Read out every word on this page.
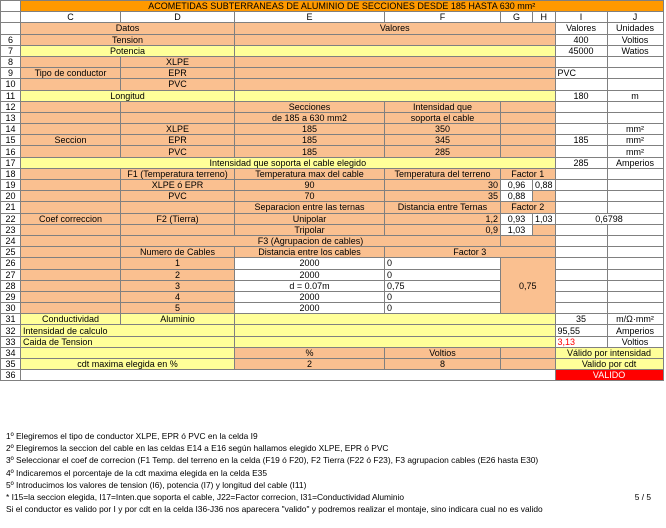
	ACOMETIDAS SUBTERRANEAS DE ALUMINIO DE SECCIONES DESDE 185 HASTA 630 mm²							
	C	D	E	F	G	H	I	J
	Datos		Valores				Valores	Unidades
6	Tension						400	Voltios
7	Potencia						45000	Watios
8		XLPE						
9	Tipo de conductor	EPR					PVC	
10		PVC						
11	Longitud						180	m
12			Secciones	Intensidad que				
13			de 185 a 630 mm2	soporta el cable				
14		XLPE	185	350				mm²
15	Seccion	EPR	185	345			185	mm²
16		PVC	185	285				mm²
17	Intensidad que soporta el cable elegido						285	Amperios
18		F1 (Temperatura terreno)	Temperatura max del cable	Temperatura del terreno	Factor 1			
19		XLPE ó EPR	90	30	0,96	0,88		
20		PVC	70	35	0,88			
21			Separacion entre las ternas	Distancia entre Ternas	Factor 2			
22	Coef correccion	F2 (Tierra)	Unipolar	1,2	0,93	1,03	0,6798	
23			Tripolar	0,9	1,03			
24		F3 (Agrupacion de cables)						
25		Numero de Cables	Distancia entre los cables	Factor 3				
26		1	2000	0	0,75			
27		2	2000	0				
28		3	d = 0.07m	0,75				
29		4	2000	0				
30		5	2000	0				
31	Conductividad	Aluminio					35	m/Ω·mm²
32	Intensidad de calculo						95,55	Amperios
33	Caida de Tension						3,13	Voltios
34			%	Voltios			Válido por intensidad	
35	cdt maxima elegida en %		2	8			Valido por cdt	
36							VALIDO	
1º Elegiremos el tipo de conductor XLPE, EPR ó PVC en la celda I9
2º Elegiremos la seccion del cable en las celdas E14 a E16 según hallamos elegido XLPE, EPR ó PVC
3º Seleccionar el coef de correcion (F1 Temp. del terreno en la celda (F19 ó F20), F2 Tierra (F22 ó F23), F3 agrupacion cables (E26 hasta E30)
4º Indicaremos el porcentaje de la cdt maxima elegida en la celda E35
5º Introducimos los valores de tension (I6), potencia (I7) y longitud del cable (I11)
* I15=la seccion elegida, I17=Inten.que soporta el cable, J22=Factor correcion, I31=Conductividad Aluminio	5 / 5
Si el conductor es valido por I y por cdt en la celda I36-J36 nos aparecera "valido" y podremos realizar el montaje, sino indicara cual no es valido
